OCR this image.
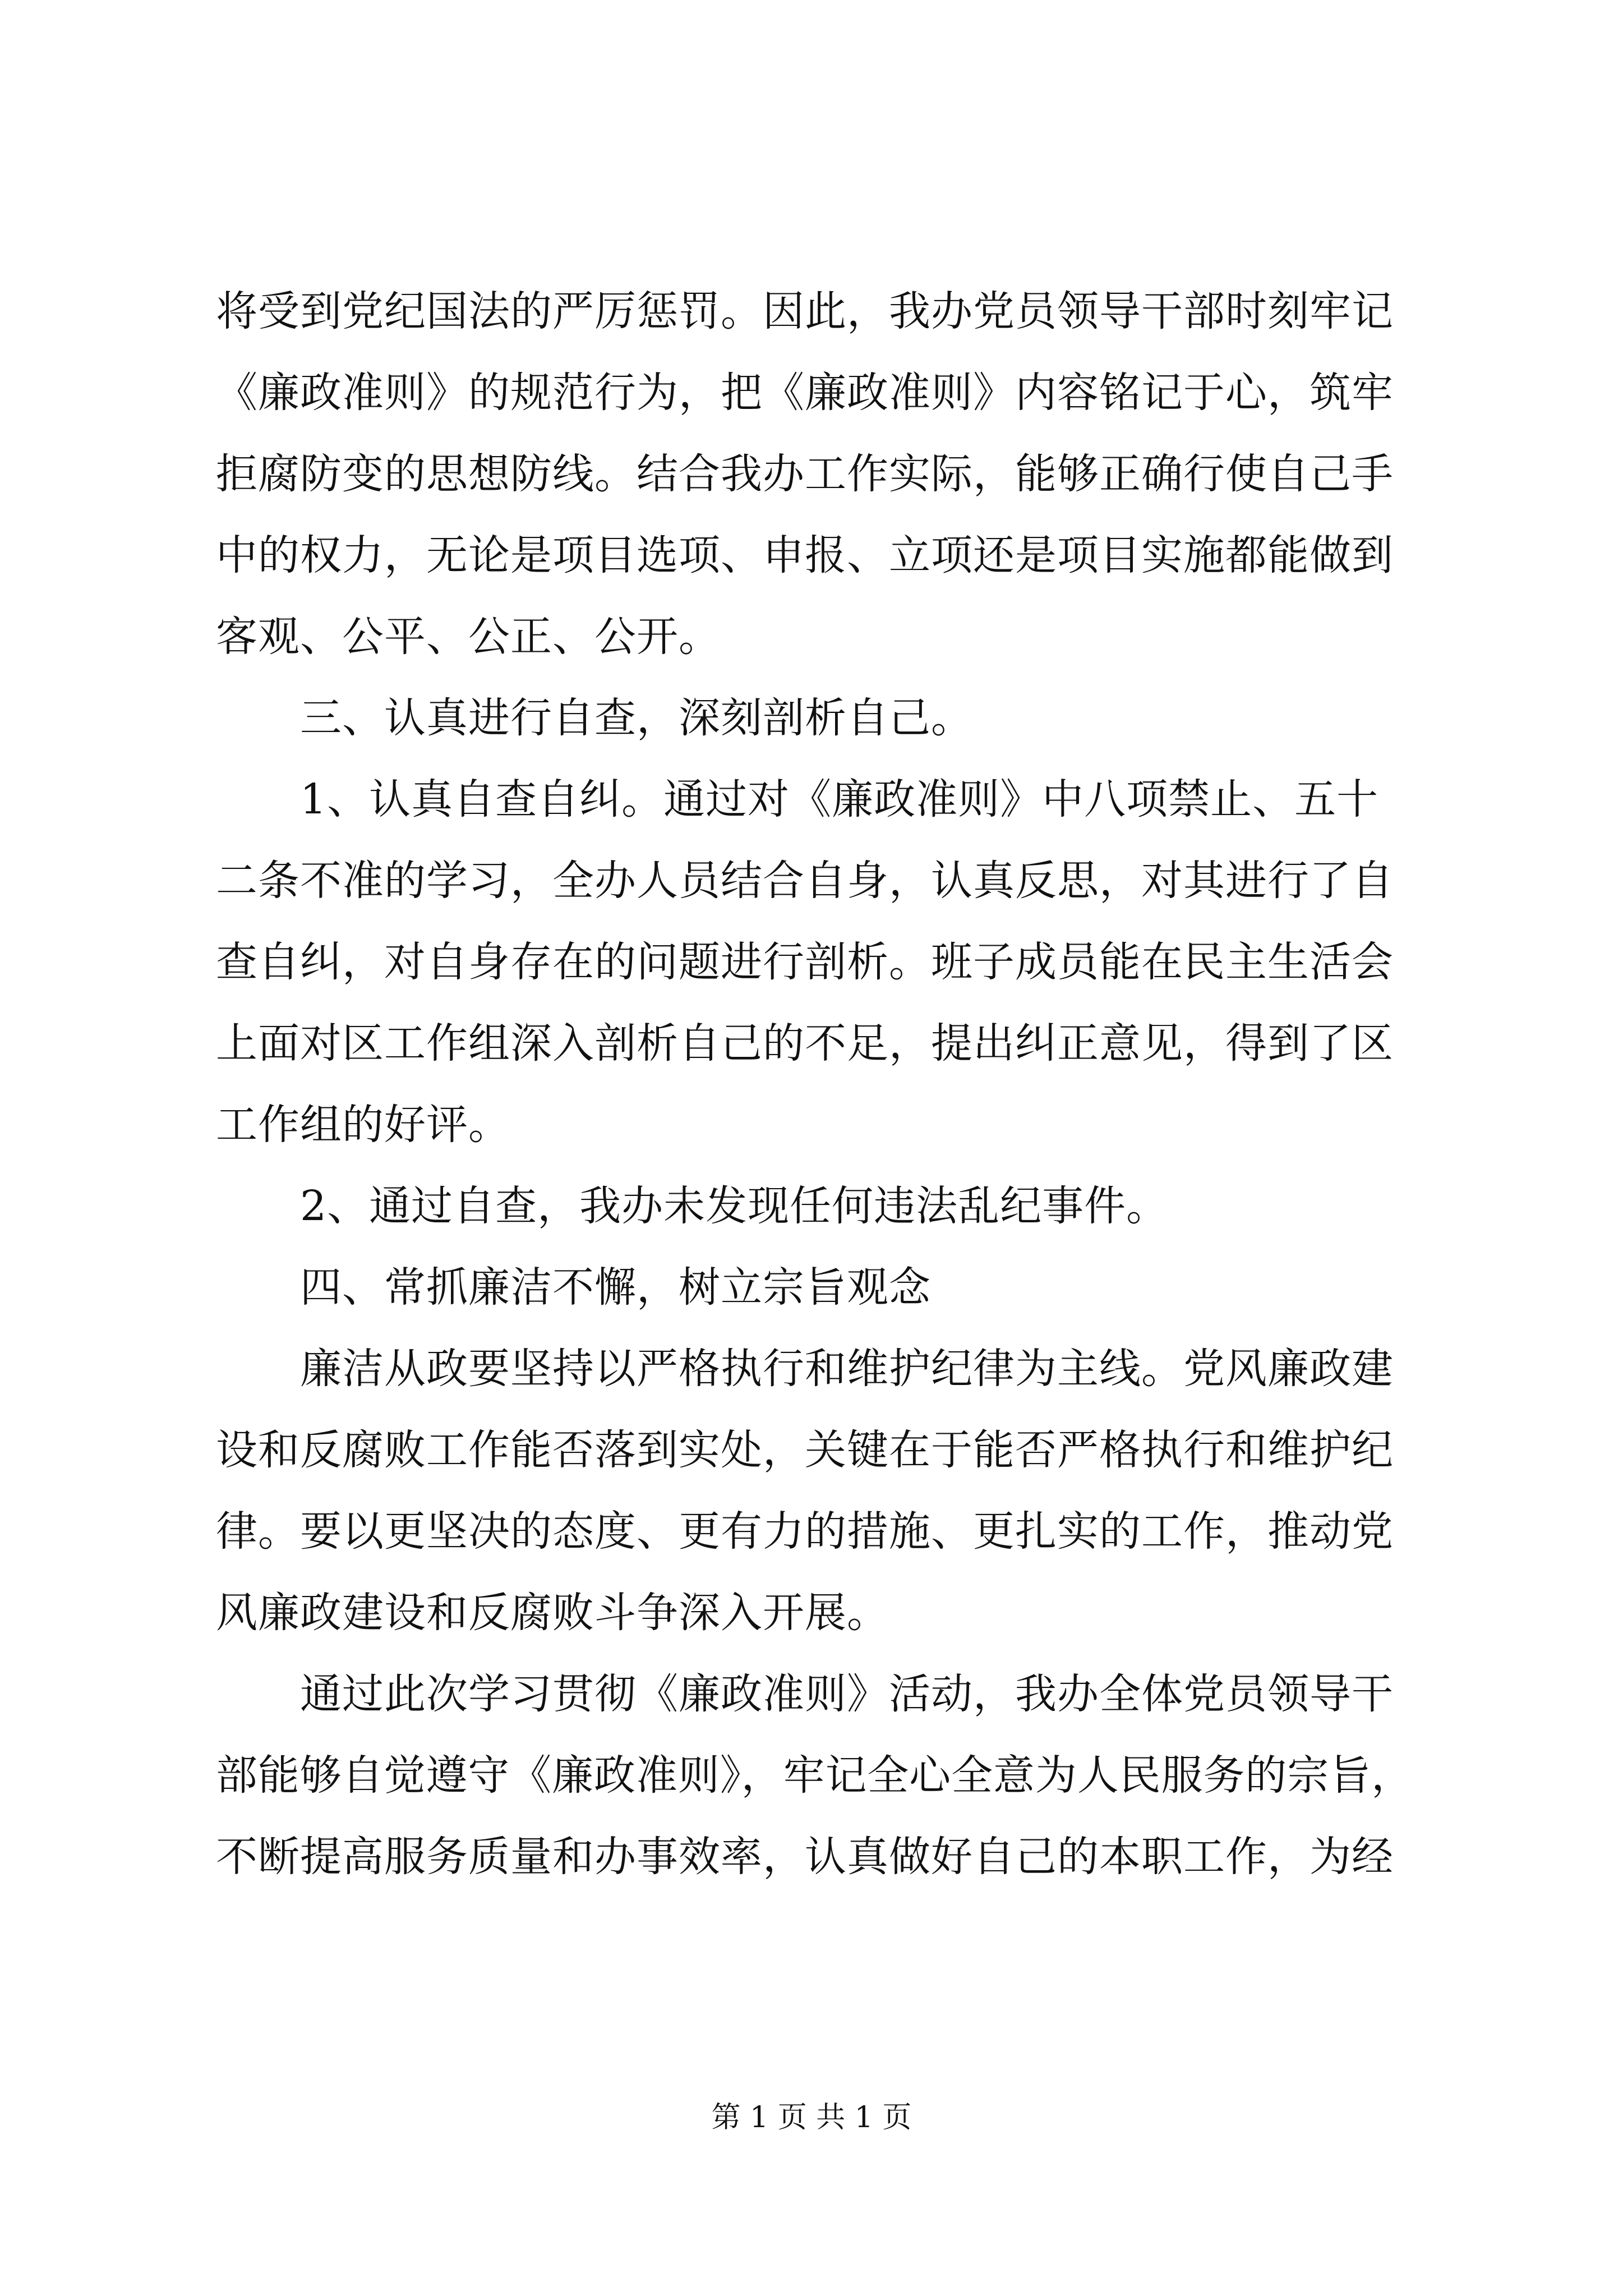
将受到党纪国法的严厉惩罚。因此，我办党员领导干部时刻牢记
《廉政准则》的规范行为，把《廉政准则》内容铭记于心，筑牢
拒腐防变的思想防线。结合我办工作实际，能够正确行使自己手
中的权力，无论是项目选项、申报、立项还是项目实施都能做到
客观、公平、公正、公开。
三、认真进行自查，深刻剖析自己。
1、认真自查自纠。通过对《廉政准则》中八项禁止、五十
二条不准的学习，全办人员结合自身，认真反思，对其进行了自
查自纠，对自身存在的问题进行剖析。班子成员能在民主生活会
上面对区工作组深入剖析自己的不足，提出纠正意见，得到了区
工作组的好评。
2、通过自查，我办未发现任何违法乱纪事件。
四、常抓廉洁不懈，树立宗旨观念
廉洁从政要坚持以严格执行和维护纪律为主线。党风廉政建
设和反腐败工作能否落到实处，关键在于能否严格执行和维护纪
律。要以更坚决的态度、更有力的措施、更扎实的工作，推动党
风廉政建设和反腐败斗争深入开展。
通过此次学习贯彻《廉政准则》活动，我办全体党员领导干
部能够自觉遵守《廉政准则》，牢记全心全意为人民服务的宗旨，
不断提高服务质量和办事效率，认真做好自己的本职工作，为经
第 1 页 共 1 页
